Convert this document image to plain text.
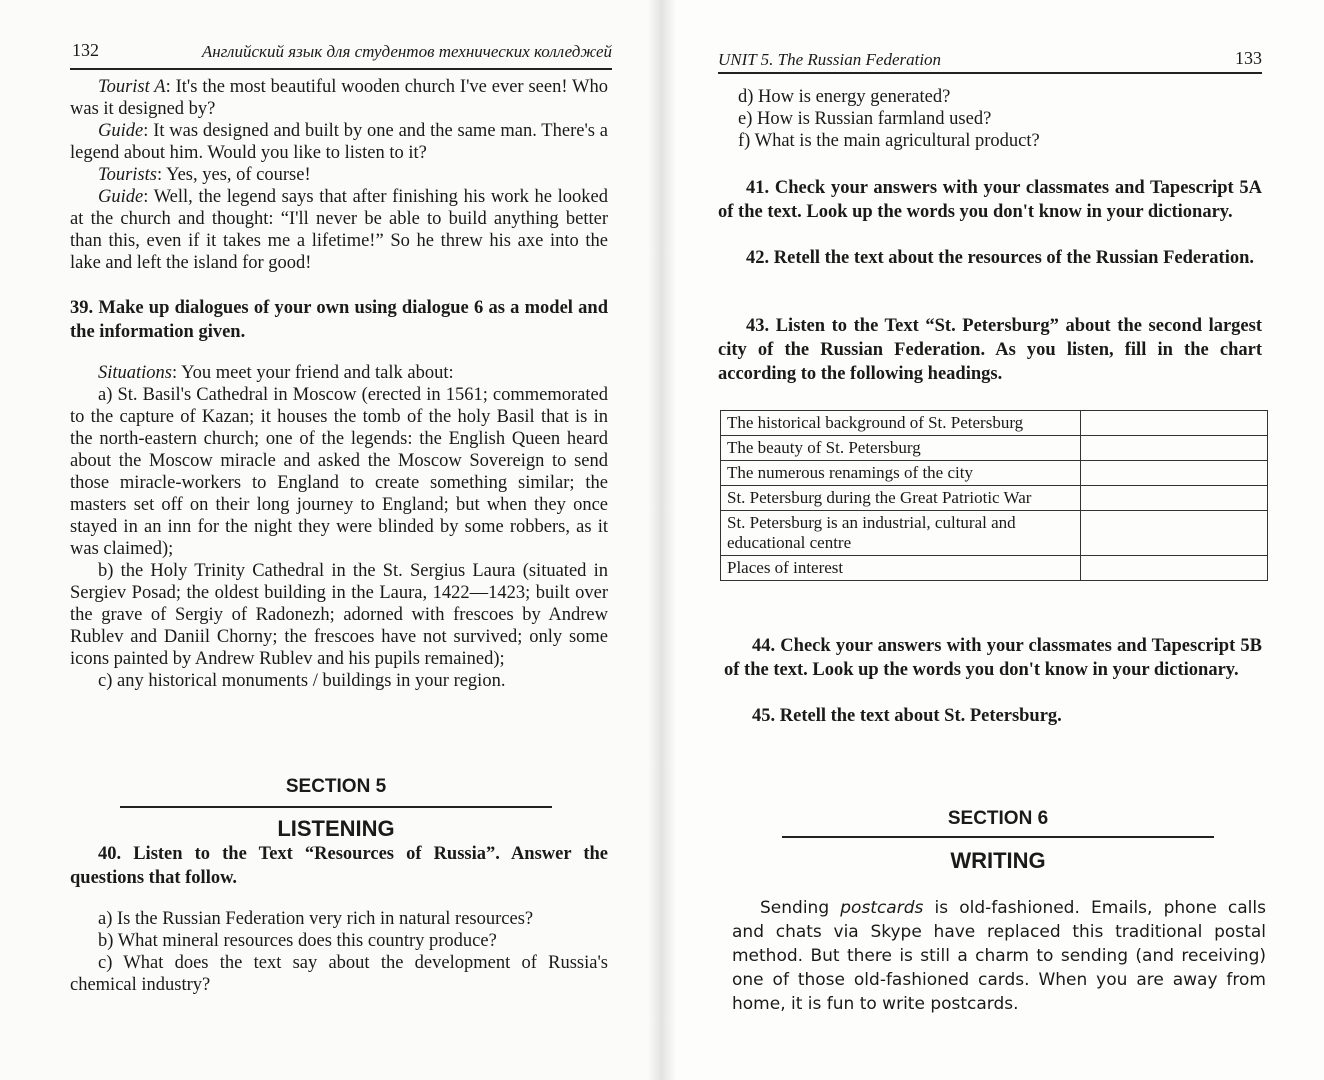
132	Английский язык для студентов технических колледжей
Tourist A: It's the most beautiful wooden church I've ever seen! Who was it designed by?
Guide: It was designed and built by one and the same man. There's a legend about him. Would you like to listen to it?
Tourists: Yes, yes, of course!
Guide: Well, the legend says that after finishing his work he looked at the church and thought: “I'll never be able to build anything better than this, even if it takes me a lifetime!” So he threw his axe into the lake and left the island for good!
39. Make up dialogues of your own using dialogue 6 as a model and the information given.
Situations: You meet your friend and talk about:
a) St. Basil's Cathedral in Moscow (erected in 1561; commemorated to the capture of Kazan; it houses the tomb of the holy Basil that is in the north-eastern church; one of the legends: the English Queen heard about the Moscow miracle and asked the Moscow Sovereign to send those miracle-workers to England to create something similar; the masters set off on their long journey to England; but when they once stayed in an inn for the night they were blinded by some robbers, as it was claimed);
b) the Holy Trinity Cathedral in the St. Sergius Laura (situated in Sergiev Posad; the oldest building in the Laura, 1422—1423; built over the grave of Sergiy of Radonezh; adorned with frescoes by Andrew Rublev and Daniil Chorny; the frescoes have not survived; only some icons painted by Andrew Rublev and his pupils remained);
c) any historical monuments / buildings in your region.
SECTION 5
LISTENING
40. Listen to the Text “Resources of Russia”. Answer the questions that follow.
a) Is the Russian Federation very rich in natural resources?
b) What mineral resources does this country produce?
c) What does the text say about the development of Russia's chemical industry?
UNIT 5. The Russian Federation	133
d) How is energy generated?
e) How is Russian farmland used?
f) What is the main agricultural product?
41. Check your answers with your classmates and Tapescript 5A of the text. Look up the words you don't know in your dictionary.
42. Retell the text about the resources of the Russian Federation.
43. Listen to the Text “St. Petersburg” about the second largest city of the Russian Federation. As you listen, fill in the chart according to the following headings.
The historical background of St. Petersburg	
The beauty of St. Petersburg	
The numerous renamings of the city	
St. Petersburg during the Great Patriotic War	
St. Petersburg is an industrial, cultural and educational centre	
Places of interest	
44. Check your answers with your classmates and Tapescript 5B of the text. Look up the words you don't know in your dictionary.
45. Retell the text about St. Petersburg.
SECTION 6
WRITING
Sending postcards is old-fashioned. Emails, phone calls and chats via Skype have replaced this traditional postal method. But there is still a charm to sending (and receiving) one of those old-fashioned cards. When you are away from home, it is fun to write postcards.
